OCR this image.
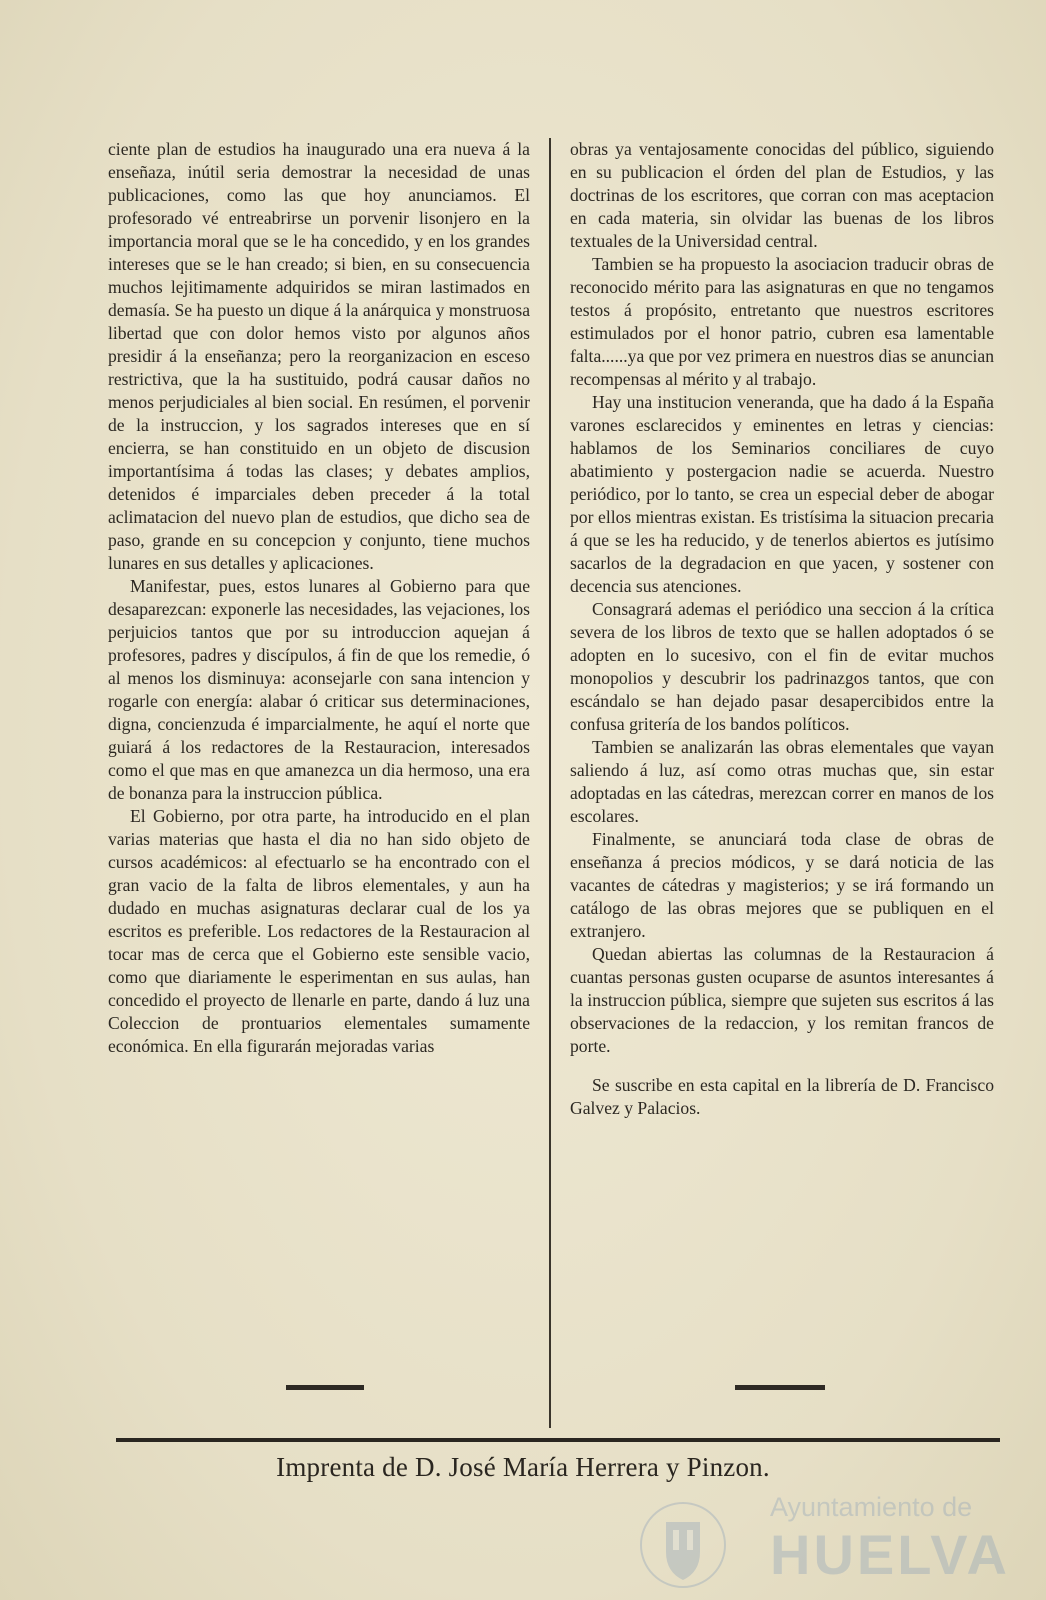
ciente plan de estudios ha inaugurado una era nueva á la enseñaza, inútil seria demostrar la necesidad de unas publicaciones, como las que hoy anunciamos. El profesorado vé entreabrirse un porvenir lisonjero en la importancia moral que se le ha concedido, y en los grandes intereses que se le han creado; si bien, en su consecuencia muchos lejitimamente adquiridos se miran lastimados en demasía. Se ha puesto un dique á la anárquica y monstruosa libertad que con dolor hemos visto por algunos años presidir á la enseñanza; pero la reorganizacion en esceso restrictiva, que la ha sustituido, podrá causar daños no menos perjudiciales al bien social. En resúmen, el porvenir de la instruccion, y los sagrados intereses que en sí encierra, se han constituido en un objeto de discusion importantísima á todas las clases; y debates amplios, detenidos é imparciales deben preceder á la total aclimatacion del nuevo plan de estudios, que dicho sea de paso, grande en su concepcion y conjunto, tiene muchos lunares en sus detalles y aplicaciones.

Manifestar, pues, estos lunares al Gobierno para que desaparezcan: exponerle las necesidades, las vejaciones, los perjuicios tantos que por su introduccion aquejan á profesores, padres y discípulos, á fin de que los remedie, ó al menos los disminuya: aconsejarle con sana intencion y rogarle con energía: alabar ó criticar sus determinaciones, digna, concienzuda é imparcialmente, he aquí el norte que guiará á los redactores de la Restauracion, interesados como el que mas en que amanezca un dia hermoso, una era de bonanza para la instruccion pública.

El Gobierno, por otra parte, ha introducido en el plan varias materias que hasta el dia no han sido objeto de cursos académicos: al efectuarlo se ha encontrado con el gran vacio de la falta de libros elementales, y aun ha dudado en muchas asignaturas declarar cual de los ya escritos es preferible. Los redactores de la Restauracion al tocar mas de cerca que el Gobierno este sensible vacio, como que diariamente le esperimentan en sus aulas, han concedido el proyecto de llenarle en parte, dando á luz una Coleccion de prontuarios elementales sumamente económica. En ella figurarán mejoradas varias

obras ya ventajosamente conocidas del público, siguiendo en su publicacion el órden del plan de Estudios, y las doctrinas de los escritores, que corran con mas aceptacion en cada materia, sin olvidar las buenas de los libros textuales de la Universidad central.

Tambien se ha propuesto la asociacion traducir obras de reconocido mérito para las asignaturas en que no tengamos testos á propósito, entretanto que nuestros escritores estimulados por el honor patrio, cubren esa lamentable falta......ya que por vez primera en nuestros dias se anuncian recompensas al mérito y al trabajo.

Hay una institucion veneranda, que ha dado á la España varones esclarecidos y eminentes en letras y ciencias: hablamos de los Seminarios conciliares de cuyo abatimiento y postergacion nadie se acuerda. Nuestro periódico, por lo tanto, se crea un especial deber de abogar por ellos mientras existan. Es tristísima la situacion precaria á que se les ha reducido, y de tenerlos abiertos es jutísimo sacarlos de la degradacion en que yacen, y sostener con decencia sus atenciones.

Consagrará ademas el periódico una seccion á la crítica severa de los libros de texto que se hallen adoptados ó se adopten en lo sucesivo, con el fin de evitar muchos monopolios y descubrir los padrinazgos tantos, que con escándalo se han dejado pasar desapercibidos entre la confusa gritería de los bandos políticos.

Tambien se analizarán las obras elementales que vayan saliendo á luz, así como otras muchas que, sin estar adoptadas en las cátedras, merezcan correr en manos de los escolares.

Finalmente, se anunciará toda clase de obras de enseñanza á precios módicos, y se dará noticia de las vacantes de cátedras y magisterios; y se irá formando un catálogo de las obras mejores que se publiquen en el extranjero.

Quedan abiertas las columnas de la Restauracion á cuantas personas gusten ocuparse de asuntos interesantes á la instruccion pública, siempre que sujeten sus escritos á las observaciones de la redaccion, y los remitan francos de porte.

Se suscribe en esta capital en la librería de D. Francisco Galvez y Palacios.

Imprenta de D. José María Herrera y Pinzon.
Ayuntamiento de
HUELVA
